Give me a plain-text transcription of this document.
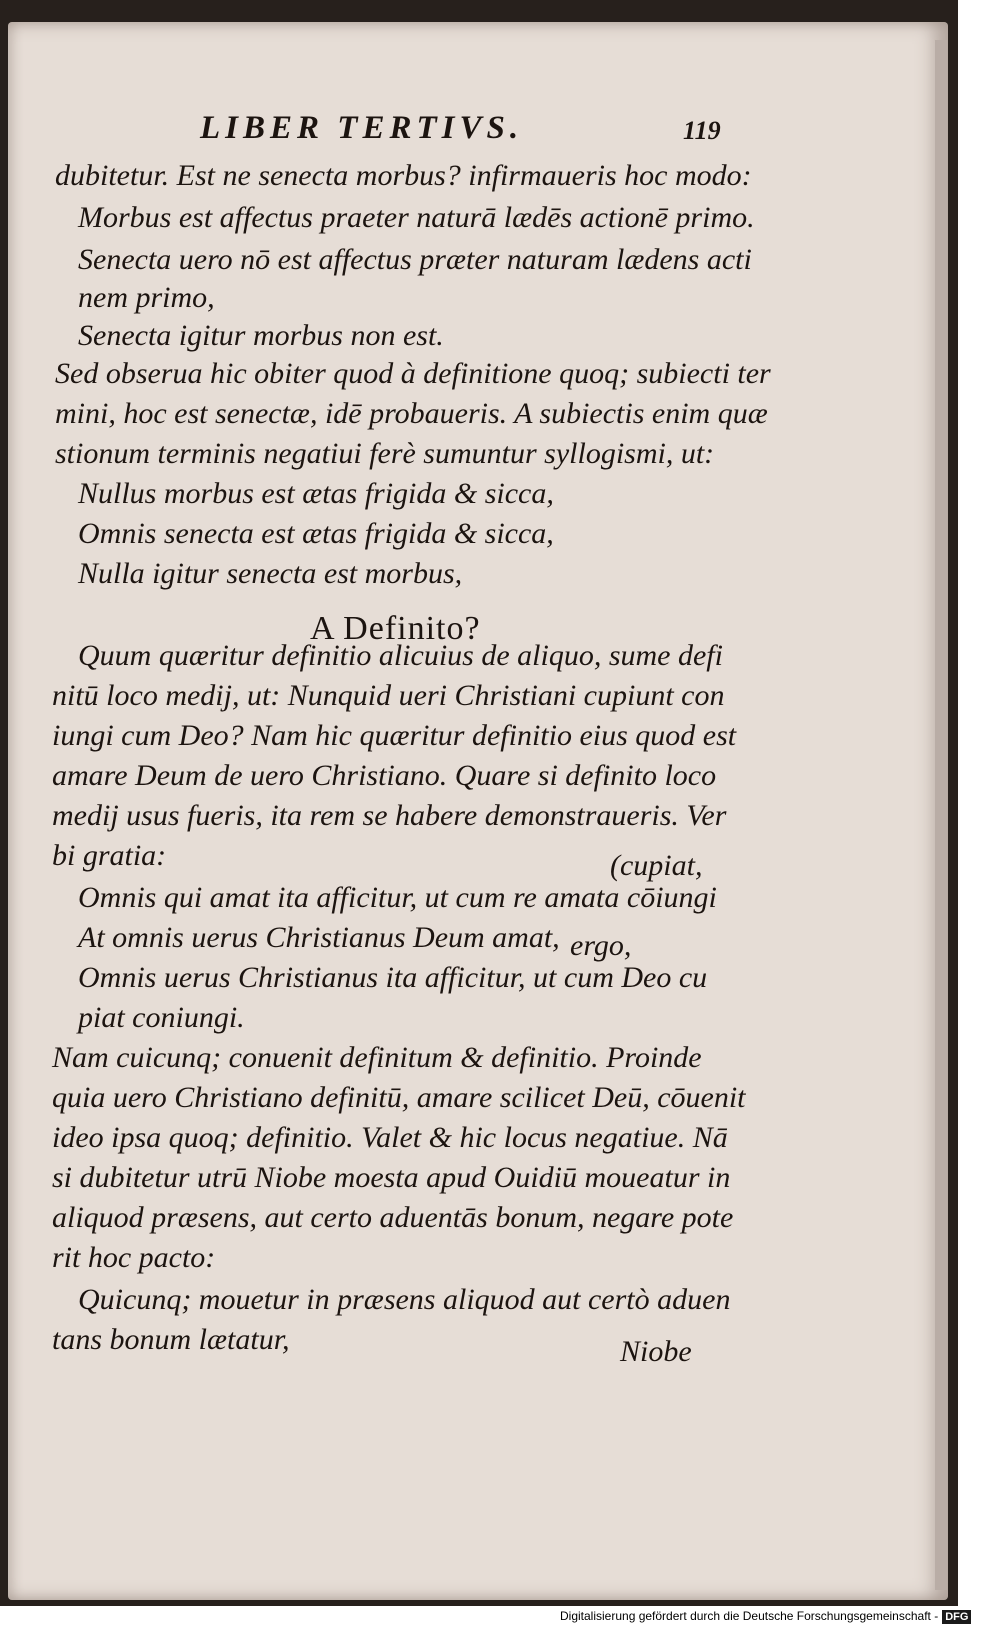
LIBER TERTIVS.	119
dubitetur. Est ne senecta morbus? infirmaueris hoc modo:
Morbus est affectus praeter naturā lædēs actionē primo.
Senecta uero nō est affectus præter naturam lædens acti
nem primo,
Senecta igitur morbus non est.
Sed obserua hic obiter quod à definitione quoq; subiecti ter
mini, hoc est senectæ, idē probaueris. A subiectis enim quæ
stionum terminis negatiui ferè sumuntur syllogismi, ut:
Nullus morbus est ætas frigida & sicca,
Omnis senecta est ætas frigida & sicca,
Nulla igitur senecta est morbus,
A Definito?
Quum quæritur definitio alicuius de aliquo, sume defi
nitū loco medij, ut: Nunquid ueri Christiani cupiunt con
iungi cum Deo? Nam hic quæritur definitio eius quod est
amare Deum de uero Christiano. Quare si definito loco
medij usus fueris, ita rem se habere demonstraueris. Ver
bi gratia:	(cupiat,
Omnis qui amat ita afficitur, ut cum re amata cōiungi
At omnis uerus Christianus Deum amat, ergo,
Omnis uerus Christianus ita afficitur, ut cum Deo cu
piat coniungi.
Nam cuicunq; conuenit definitum & definitio. Proinde
quia uero Christiano definitū, amare scilicet Deū, cōuenit
ideo ipsa quoq; definitio. Valet & hic locus negatiue. Nā
si dubitetur utrū Niobe moesta apud Ouidiū moueatur in
aliquod præsens, aut certo aduentās bonum, negare pote
rit hoc pacto:
Quicunq; mouetur in præsens aliquod aut certò aduen
tans bonum lætatur,	Niobe
Digitalisierung gefördert durch die Deutsche Forschungsgemeinschaft - DFG
